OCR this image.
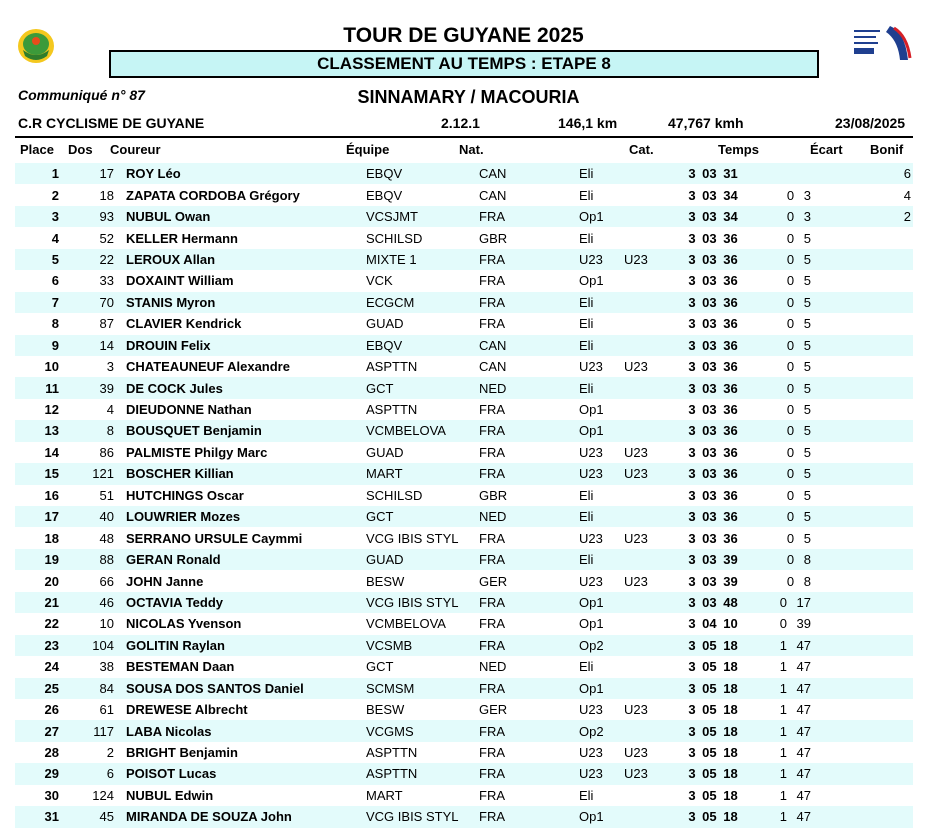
TOUR DE GUYANE 2025
CLASSEMENT AU TEMPS : ETAPE 8
Communiqué n° 87	SINNAMARY / MACOURIA
C.R CYCLISME DE GUYANE	2.12.1	146,1 km	47,767 kmh	23/08/2025
Place Dos Coureur	Équipe	Nat.	Cat.	Temps	Écart Bonif
1	17	ROY Léo	EBQV	CAN	Eli		3 03 31		6
2	18	ZAPATA CORDOBA Grégory	EBQV	CAN	Eli		3 03 34	0 3	4
3	93	NUBUL Owan	VCSJMT	FRA	Op1		3 03 34	0 3	2
4	52	KELLER Hermann	SCHILSD	GBR	Eli		3 03 36	0 5	
5	22	LEROUX Allan	MIXTE 1	FRA	U23	U23	3 03 36	0 5	
6	33	DOXAINT William	VCK	FRA	Op1		3 03 36	0 5	
7	70	STANIS Myron	ECGCM	FRA	Eli		3 03 36	0 5	
8	87	CLAVIER Kendrick	GUAD	FRA	Eli		3 03 36	0 5	
9	14	DROUIN Felix	EBQV	CAN	Eli		3 03 36	0 5	
10	3	CHATEAUNEUF Alexandre	ASPTTN	CAN	U23	U23	3 03 36	0 5	
11	39	DE COCK Jules	GCT	NED	Eli		3 03 36	0 5	
12	4	DIEUDONNE Nathan	ASPTTN	FRA	Op1		3 03 36	0 5	
13	8	BOUSQUET Benjamin	VCMBELOVA	FRA	Op1		3 03 36	0 5	
14	86	PALMISTE Philgy Marc	GUAD	FRA	U23	U23	3 03 36	0 5	
15	121	BOSCHER Killian	MART	FRA	U23	U23	3 03 36	0 5	
16	51	HUTCHINGS Oscar	SCHILSD	GBR	Eli		3 03 36	0 5	
17	40	LOUWRIER Mozes	GCT	NED	Eli		3 03 36	0 5	
18	48	SERRANO URSULE Caymmi	VCG IBIS STYL	FRA	U23	U23	3 03 36	0 5	
19	88	GERAN Ronald	GUAD	FRA	Eli		3 03 39	0 8	
20	66	JOHN Janne	BESW	GER	U23	U23	3 03 39	0 8	
21	46	OCTAVIA Teddy	VCG IBIS STYL	FRA	Op1		3 03 48	0 17	
22	10	NICOLAS Yvenson	VCMBELOVA	FRA	Op1		3 04 10	0 39	
23	104	GOLITIN Raylan	VCSMB	FRA	Op2		3 05 18	1 47	
24	38	BESTEMAN Daan	GCT	NED	Eli		3 05 18	1 47	
25	84	SOUSA DOS SANTOS Daniel	SCMSM	FRA	Op1		3 05 18	1 47	
26	61	DREWESE Albrecht	BESW	GER	U23	U23	3 05 18	1 47	
27	117	LABA Nicolas	VCGMS	FRA	Op2		3 05 18	1 47	
28	2	BRIGHT Benjamin	ASPTTN	FRA	U23	U23	3 05 18	1 47	
29	6	POISOT Lucas	ASPTTN	FRA	U23	U23	3 05 18	1 47	
30	124	NUBUL Edwin	MART	FRA	Eli		3 05 18	1 47	
31	45	MIRANDA DE SOUZA John	VCG IBIS STYL	FRA	Op1		3 05 18	1 47	
